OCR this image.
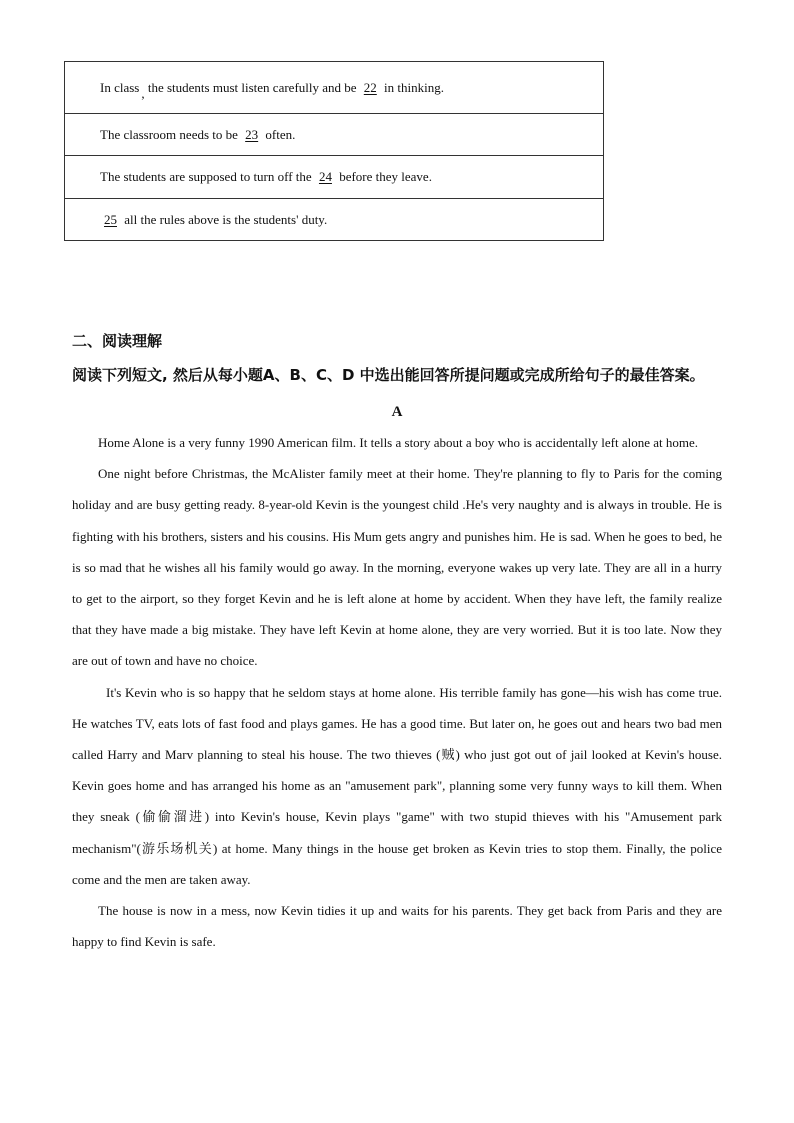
In class , the students must listen carefully and be 22 in thinking.
The classroom needs to be 23 often.
The students are supposed to turn off the 24 before they leave.
25 all the rules above is the students' duty.
二、阅读理解

阅读下列短文, 然后从每小题A、B、C、D 中选出能回答所提问题或完成所给句子的最佳答案。

A

Home Alone is a very funny 1990 American film. It tells a story about a boy who is accidentally left alone at home.

One night before Christmas, the McAlister family meet at their home. They're planning to fly to Paris for the coming holiday and are busy getting ready. 8-year-old Kevin is the youngest child .He's very naughty and is always in trouble. He is fighting with his brothers, sisters and his cousins. His Mum gets angry and punishes him. He is sad. When he goes to bed, he is so mad that he wishes all his family would go away. In the morning, everyone wakes up very late. They are all in a hurry to get to the airport, so they forget Kevin and he is left alone at home by accident. When they have left, the family realize that they have made a big mistake. They have left Kevin at home alone, they are very worried. But it is too late. Now they are out of town and have no choice.

It's Kevin who is so happy that he seldom stays at home alone. His terrible family has gone—his wish has come true. He watches TV, eats lots of fast food and plays games. He has a good time. But later on, he goes out and hears two bad men called Harry and Marv planning to steal his house. The two thieves (贼) who just got out of jail looked at Kevin's house. Kevin goes home and has arranged his home as an "amusement park", planning some very funny ways to kill them. When they sneak (偷偷溜进) into Kevin's house, Kevin plays "game" with two stupid thieves with his "Amusement park mechanism"(游乐场机关) at home. Many things in the house get broken as Kevin tries to stop them. Finally, the police come and the men are taken away.

The house is now in a mess, now Kevin tidies it up and waits for his parents. They get back from Paris and they are happy to find Kevin is safe.
